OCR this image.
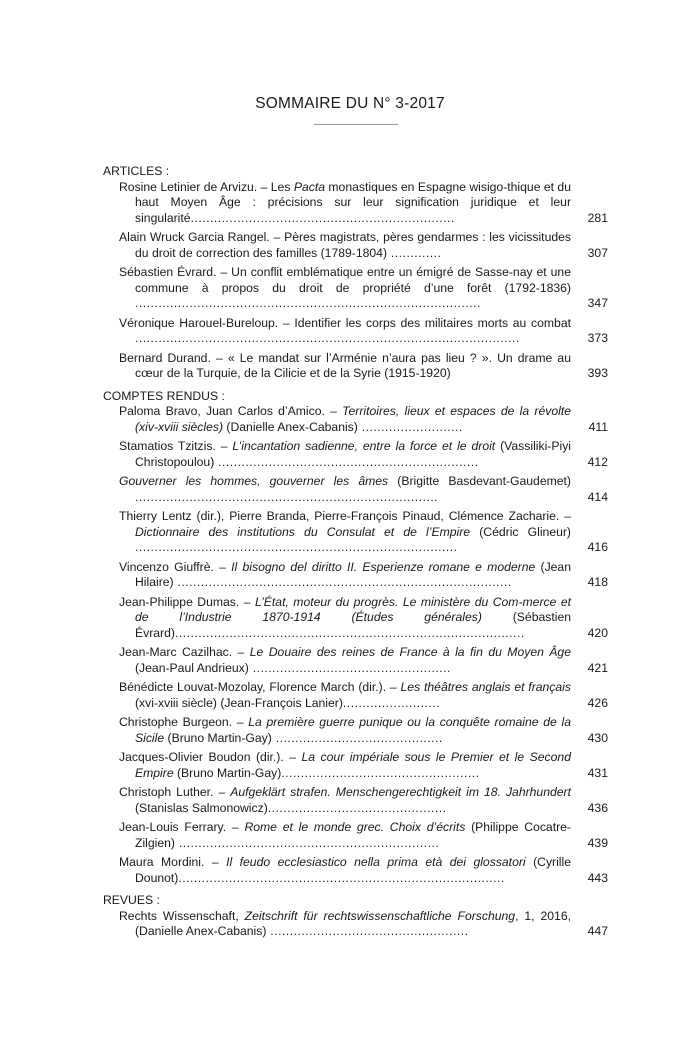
SOMMAIRE DU N° 3-2017

ARTICLES :

Rosine Letinier de Arvizu. – Les Pacta monastiques en Espagne wisigo-thique et du haut Moyen Âge : précisions sur leur signification juridique et leur singularité....................................................................	281

Alain Wruck Garcia Rangel. – Pères magistrats, pères gendarmes : les vicissitudes du droit de correction des familles (1789-1804) .............	307

Sébastien Évrard. – Un conflit emblématique entre un émigré de Sasse-nay et une commune à propos du droit de propriété d’une forêt (1792-1836) .........................................................................................	347

Véronique Harouel-Bureloup. – Identifier les corps des militaires morts au combat ...................................................................................................	373

Bernard Durand. – « Le mandat sur l’Arménie n’aura pas lieu ? ». Un drame au cœur de la Turquie, de la Cilicie et de la Syrie (1915-1920)	393

COMPTES RENDUS :

Paloma Bravo, Juan Carlos d’Amico. – Territoires, lieux et espaces de la révolte (xiv-xviii siècles) (Danielle Anex-Cabanis) ..........................	411

Stamatios Tzitzis. – L’incantation sadienne, entre la force et le droit (Vassiliki-Piyi Christopoulou) ...................................................................	412

Gouverner les hommes, gouverner les âmes (Brigitte Basdevant-Gaudemet) ..............................................................................	414

Thierry Lentz (dir.), Pierre Branda, Pierre-François Pinaud, Clémence Zacharie. – Dictionnaire des institutions du Consulat et de l’Empire (Cédric Glineur) ...................................................................................	416

Vincenzo Giuffrè. – Il bisogno del diritto II. Esperienze romane e moderne (Jean Hilaire) ......................................................................................	418

Jean-Philippe Dumas. – L’État, moteur du progrès. Le ministère du Com-merce et de l’Industrie 1870-1914 (Études générales) (Sébastien Évrard)..........................................................................................	420

Jean-Marc Cazilhac. – Le Douaire des reines de France à la fin du Moyen Âge (Jean-Paul Andrieux) ...................................................	421

Bénédicte Louvat-Mozolay, Florence March (dir.). – Les théâtres anglais et français (xvi-xviii siècle) (Jean-François Lanier).........................	426

Christophe Burgeon. – La première guerre punique ou la conquête romaine de la Sicile (Bruno Martin-Gay) ...........................................	430

Jacques-Olivier Boudon (dir.). – La cour impériale sous le Premier et le Second Empire (Bruno Martin-Gay)...................................................	431

Christoph Luther. – Aufgeklärt strafen. Menschengerechtigkeit im 18. Jahrhundert (Stanislas Salmonowicz)..............................................	436

Jean-Louis Ferrary. – Rome et le monde grec. Choix d’écrits (Philippe Cocatre-Zilgien) ...................................................................	439

Maura Mordini. – Il feudo ecclesiastico nella prima età dei glossatori (Cyrille Dounot)....................................................................................	443

REVUES :

Rechts Wissenschaft, Zeitschrift für rechtswissenschaftliche Forschung, 1, 2016, (Danielle Anex-Cabanis) ...................................................	447
